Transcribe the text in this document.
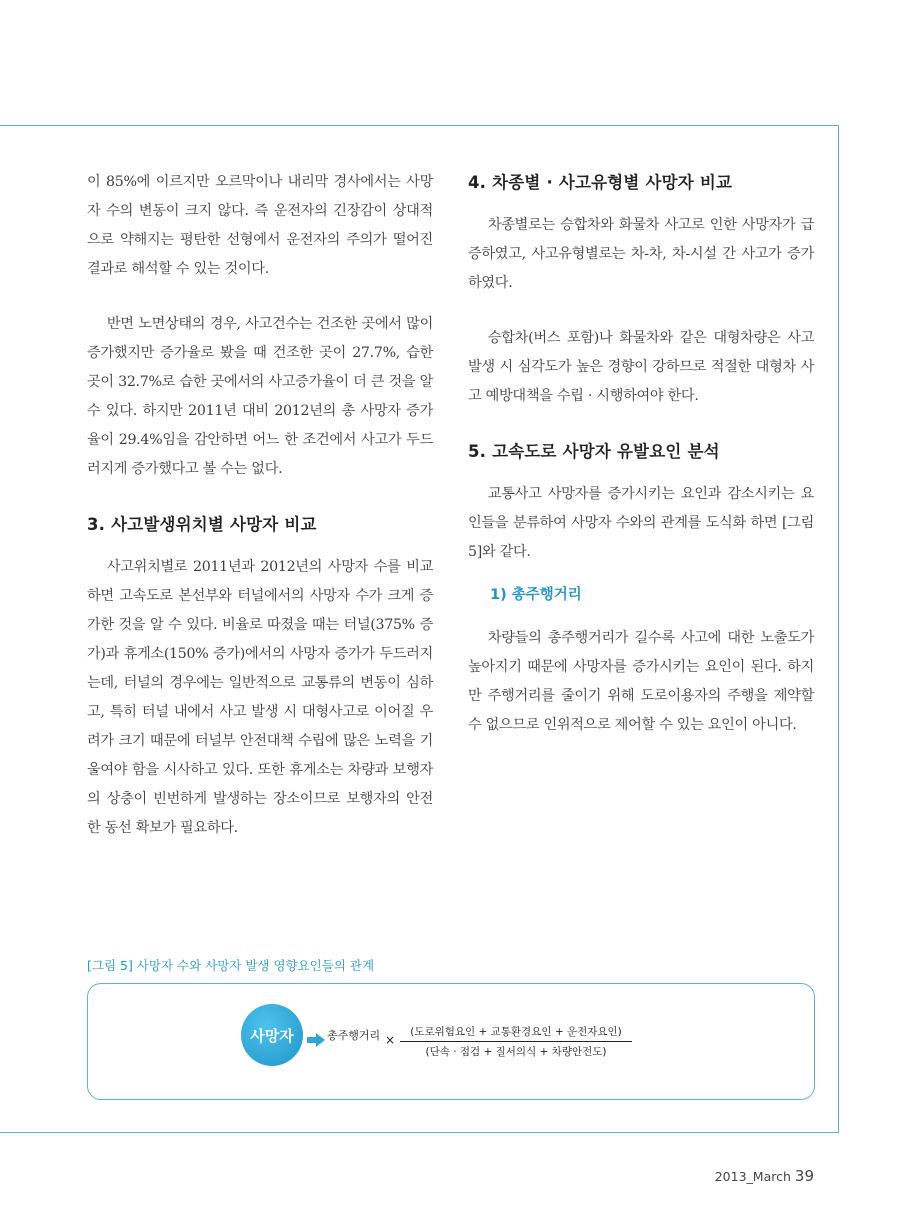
이 85%에 이르지만 오르막이나 내리막 경사에서는 사망자 수의 변동이 크지 않다. 즉 운전자의 긴장감이 상대적으로 약해지는 평탄한 선형에서 운전자의 주의가 떨어진 결과로 해석할 수 있는 것이다.

반면 노면상태의 경우, 사고건수는 건조한 곳에서 많이 증가했지만 증가율로 봤을 때 건조한 곳이 27.7%, 습한 곳이 32.7%로 습한 곳에서의 사고증가율이 더 큰 것을 알 수 있다. 하지만 2011년 대비 2012년의 총 사망자 증가율이 29.4%임을 감안하면 어느 한 조건에서 사고가 두드러지게 증가했다고 볼 수는 없다.

3. 사고발생위치별 사망자 비교

사고위치별로 2011년과 2012년의 사망자 수를 비교하면 고속도로 본선부와 터널에서의 사망자 수가 크게 증가한 것을 알 수 있다. 비율로 따졌을 때는 터널(375% 증가)과 휴게소(150% 증가)에서의 사망자 증가가 두드러지는데, 터널의 경우에는 일반적으로 교통류의 변동이 심하고, 특히 터널 내에서 사고 발생 시 대형사고로 이어질 우려가 크기 때문에 터널부 안전대책 수립에 많은 노력을 기울여야 함을 시사하고 있다. 또한 휴게소는 차량과 보행자의 상충이 빈번하게 발생하는 장소이므로 보행자의 안전한 동선 확보가 필요하다.

4. 차종별 · 사고유형별 사망자 비교

차종별로는 승합차와 화물차 사고로 인한 사망자가 급증하였고, 사고유형별로는 차-차, 차-시설 간 사고가 증가하였다.

승합차(버스 포함)나 화물차와 같은 대형차량은 사고 발생 시 심각도가 높은 경향이 강하므로 적절한 대형차 사고 예방대책을 수립 · 시행하여야 한다.

5. 고속도로 사망자 유발요인 분석

교통사고 사망자를 증가시키는 요인과 감소시키는 요인들을 분류하여 사망자 수와의 관계를 도식화 하면 [그림 5]와 같다.

1) 총주행거리

차량들의 총주행거리가 길수록 사고에 대한 노출도가 높아지기 때문에 사망자를 증가시키는 요인이 된다. 하지만 주행거리를 줄이기 위해 도로이용자의 주행을 제약할 수 없으므로 인위적으로 제어할 수 있는 요인이 아니다.

[그림 5] 사망자 수와 사망자 발생 영향요인들의 관계
사망자	총주행거리 ×
(도로위험요인 + 교통환경요인 + 운전자요인)
(단속 · 점검 + 질서의식 + 차량안전도)
2013_March 39
